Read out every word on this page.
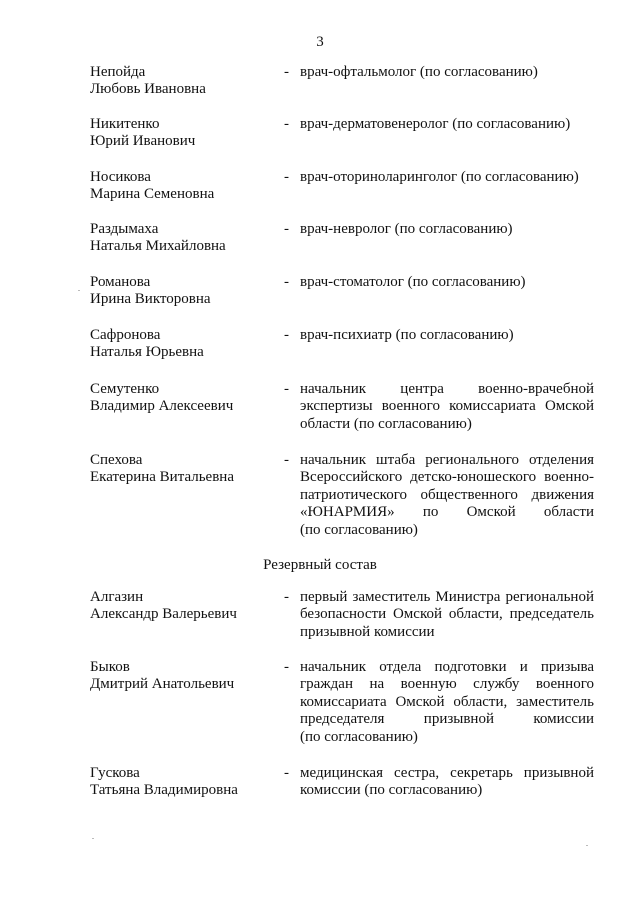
3
Непойда
Любовь Ивановна
- врач-офтальмолог (по согласованию)
Никитенко
Юрий Иванович
- врач-дерматовенеролог (по согласованию)
Носикова
Марина Семеновна
- врач-оториноларинголог (по согласованию)
Раздымаха
Наталья Михайловна
- врач-невролог (по согласованию)
Романова
Ирина Викторовна
- врач-стоматолог (по согласованию)
Сафронова
Наталья Юрьевна
- врач-психиатр (по согласованию)
Семутенко
Владимир Алексеевич
- начальник центра военно-врачебной
экспертизы военного комиссариата Омской
области (по согласованию)
Спехова
Екатерина Витальевна
- начальник штаба регионального отделения
Всероссийского детско-юношеского военно-
патриотического общественного движения
«ЮНАРМИЯ» по Омской области
(по согласованию)
Резервный состав
Алгазин
Александр Валерьевич
- первый заместитель Министра региональной
безопасности Омской области, председатель
призывной комиссии
Быков
Дмитрий Анатольевич
- начальник отдела подготовки и призыва
граждан на военную службу военного
комиссариата Омской области, заместитель
председателя призывной комиссии
(по согласованию)
Гускова
Татьяна Владимировна
- медицинская сестра, секретарь призывной
комиссии (по согласованию)
